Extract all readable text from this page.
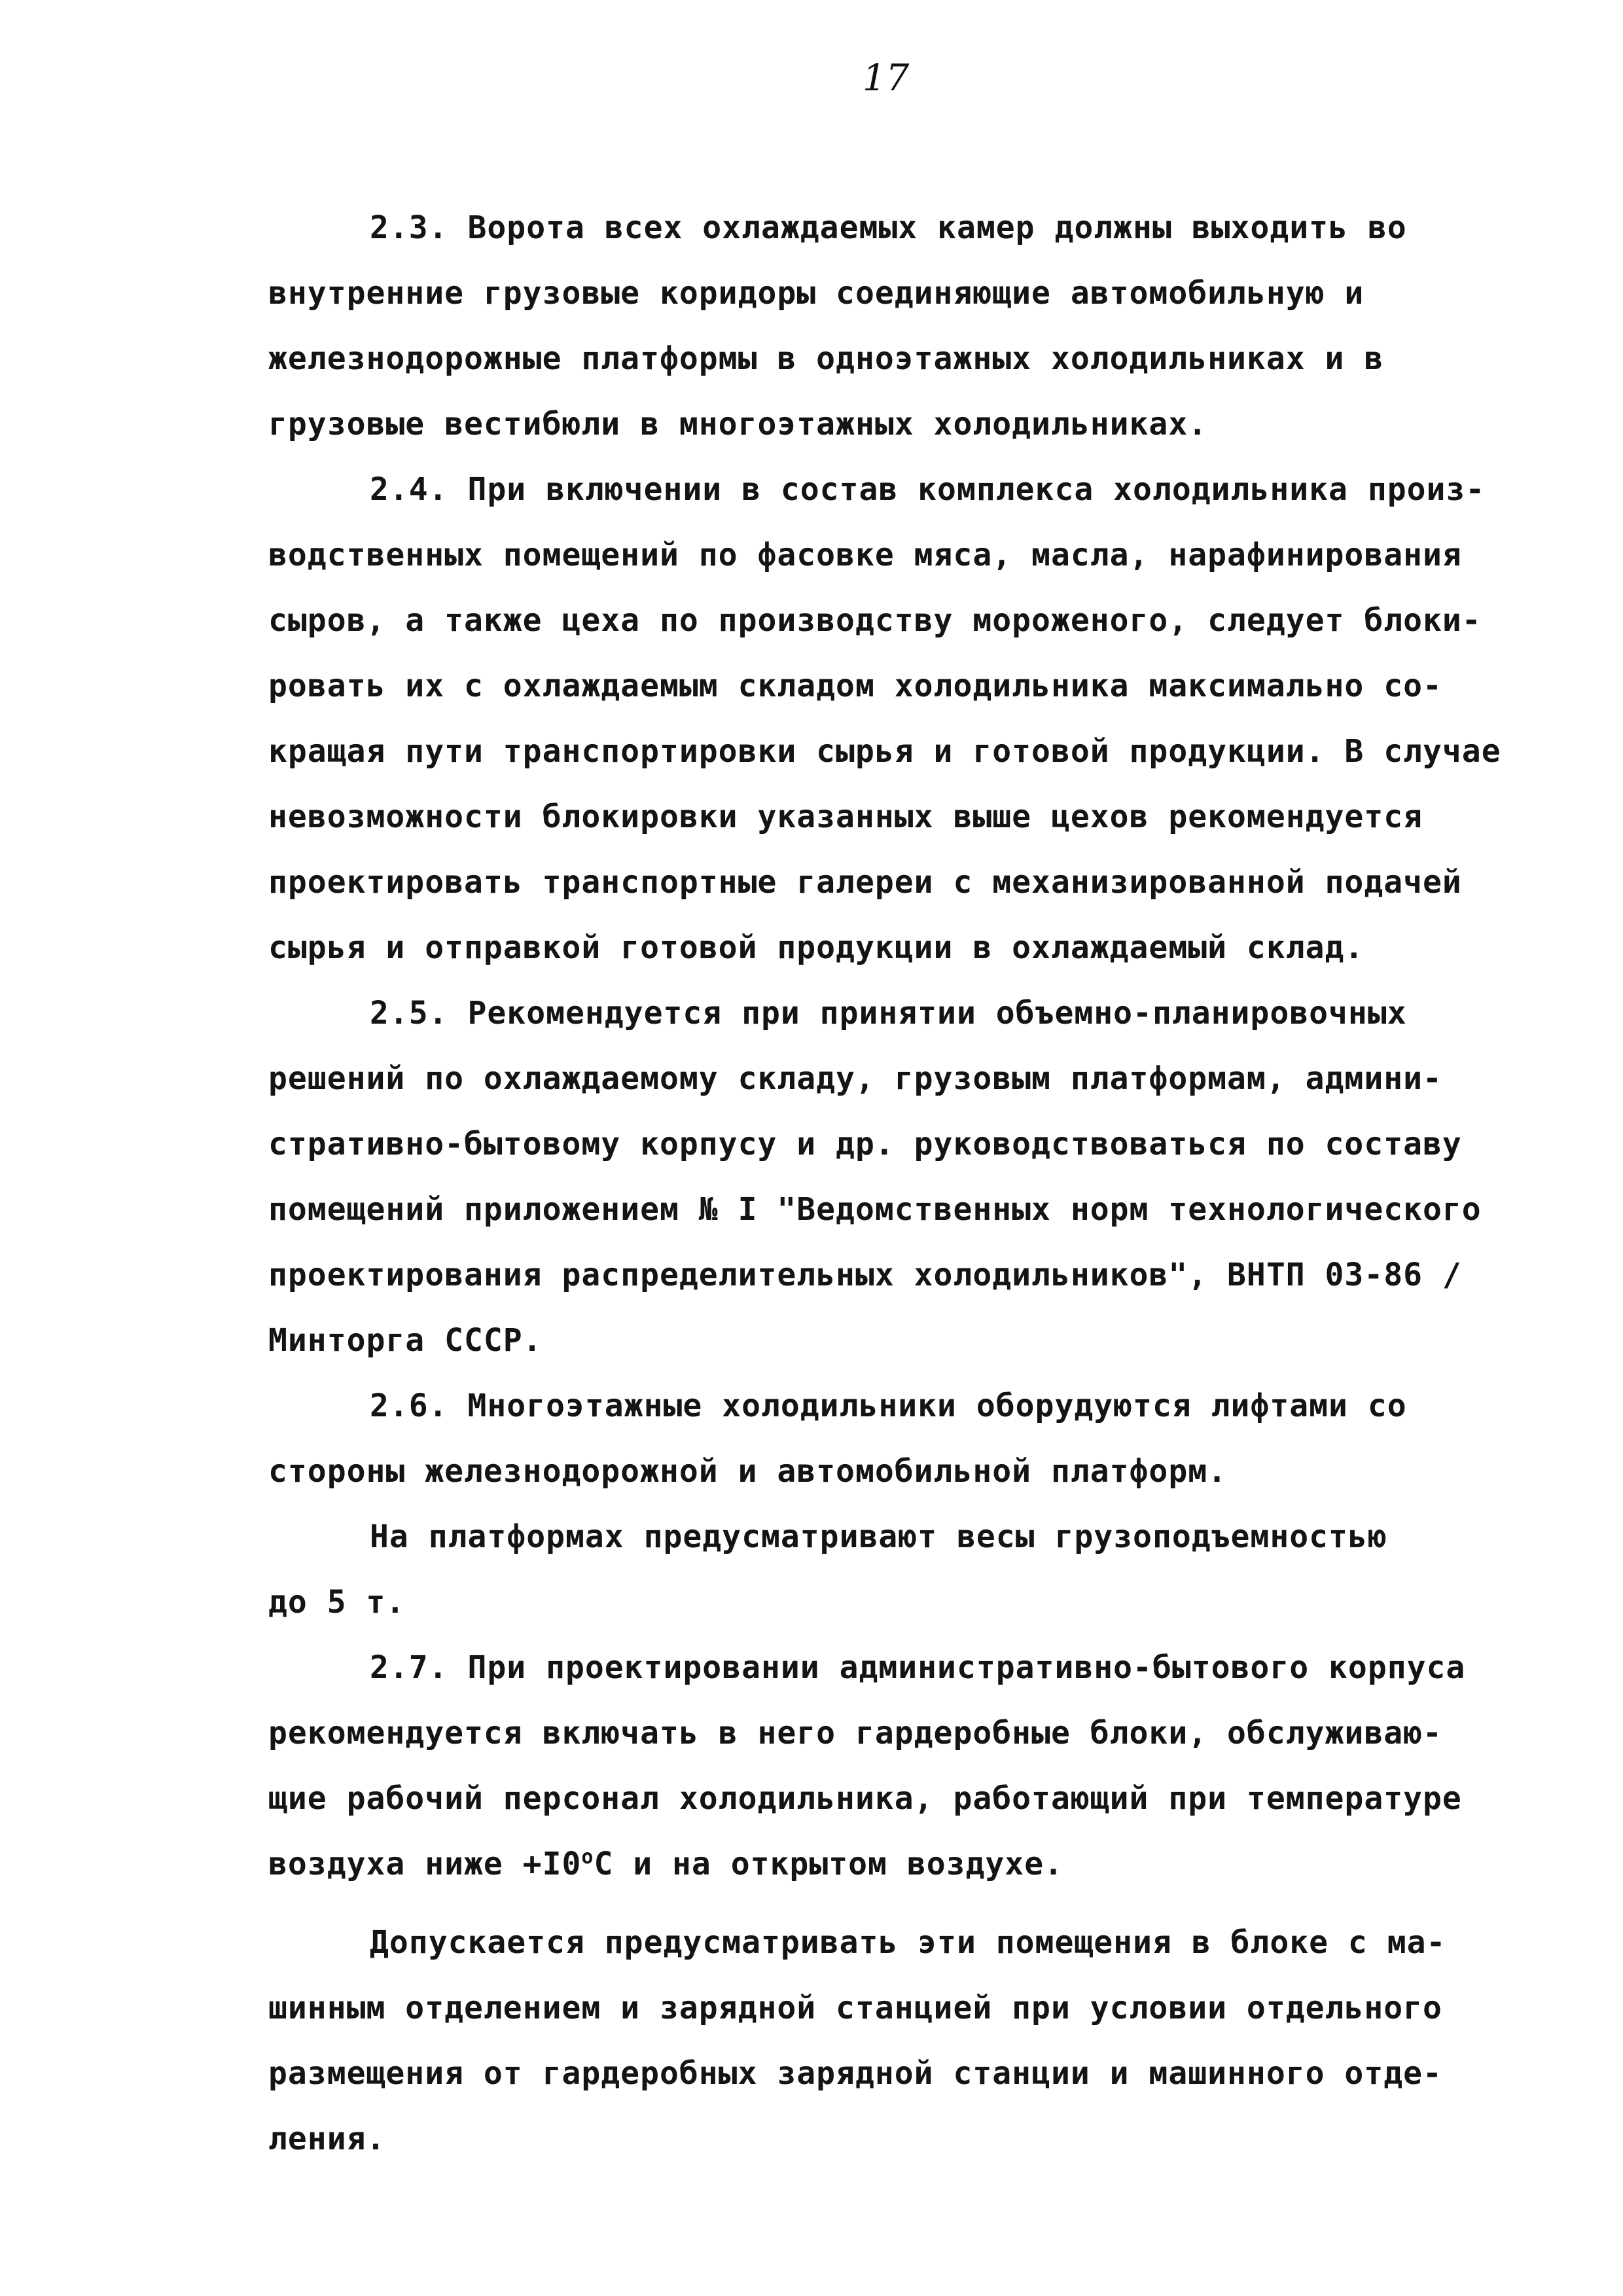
17

2.3. Ворота всех охлаждаемых камер должны выходить во

внутренние грузовые коридоры соединяющие автомобильную и

железнодорожные платформы в одноэтажных холодильниках и в

грузовые вестибюли в многоэтажных холодильниках.

2.4. При включении в состав комплекса холодильника произ-

водственных помещений по фасовке мяса, масла, нарафинирования

сыров, а также цеха по производству мороженого, следует блоки-

ровать их с охлаждаемым складом холодильника максимально со-

кращая пути транспортировки сырья и готовой продукции. В случае

невозможности блокировки указанных выше цехов рекомендуется

проектировать транспортные галереи с механизированной подачей

сырья и отправкой готовой продукции в охлаждаемый склад.

2.5. Рекомендуется при принятии объемно-планировочных

решений по охлаждаемому складу, грузовым платформам, админи-

стративно-бытовому корпусу и др. руководствоваться по составу

помещений приложением № I "Ведомственных норм технологического

проектирования распределительных холодильников", ВНТП 03-86 /

Минторга СССР.

2.6. Многоэтажные холодильники оборудуются лифтами со

стороны железнодорожной и автомобильной платформ.

На платформах предусматривают весы грузоподъемностью

до 5 т.

2.7. При проектировании административно-бытового корпуса

рекомендуется включать в него гардеробные блоки, обслуживаю-

щие рабочий персонал холодильника, работающий при температуре

воздуха ниже $+I0^oС$ и на открытом воздухе.

Допускается предусматривать эти помещения в блоке с ма-

шинным отделением и зарядной станцией при условии отдельного

размещения от гардеробных зарядной станции и машинного отде-

ления.
